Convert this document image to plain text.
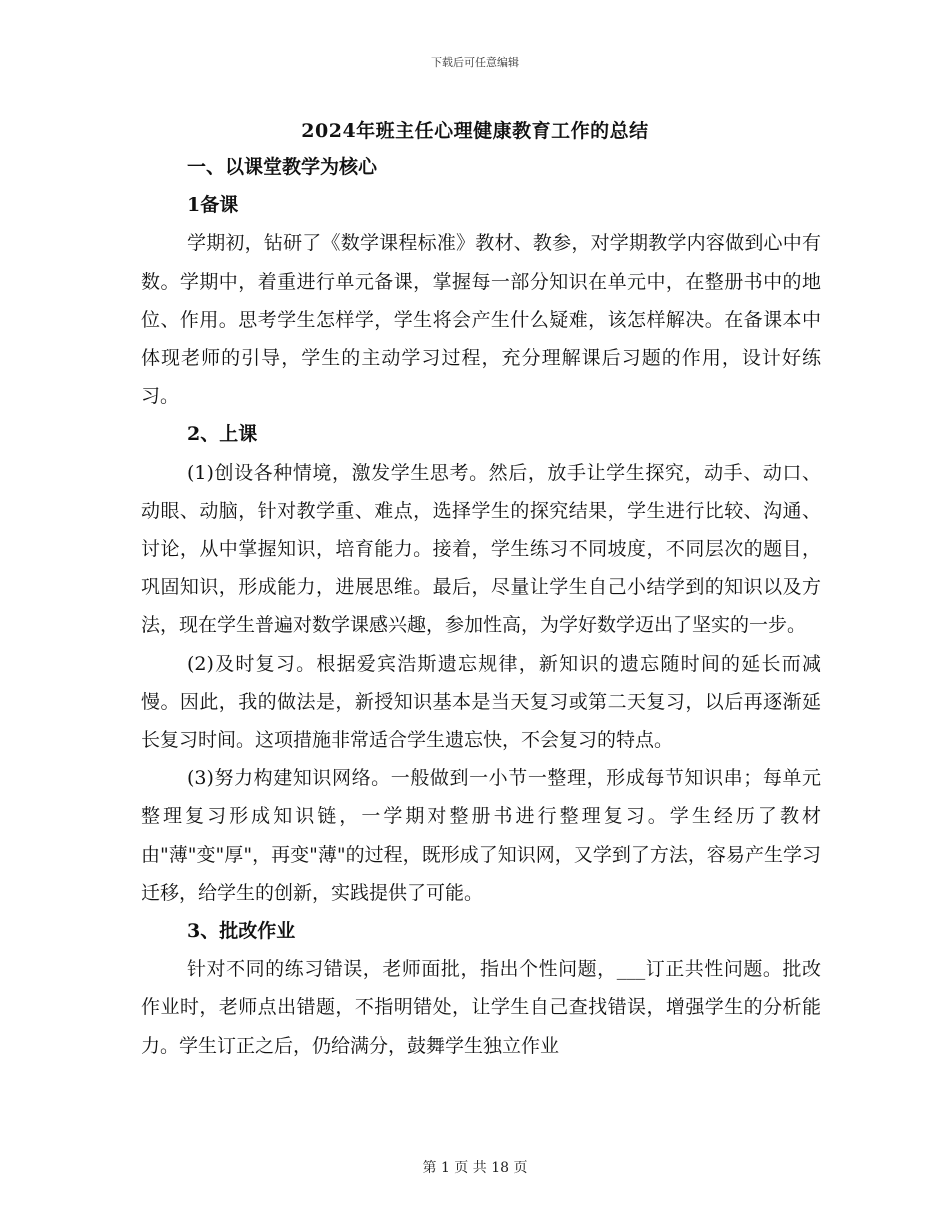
下载后可任意编辑
2024年班主任心理健康教育工作的总结

一、以课堂教学为核心

1备课

学期初，钻研了《数学课程标准》教材、教参，对学期教学内容做到心中有数。学期中，着重进行单元备课，掌握每一部分知识在单元中，在整册书中的地位、作用。思考学生怎样学，学生将会产生什么疑难，该怎样解决。在备课本中体现老师的引导，学生的主动学习过程，充分理解课后习题的作用，设计好练习。

2、上课

(1)创设各种情境，激发学生思考。然后，放手让学生探究，动手、动口、动眼、动脑，针对教学重、难点，选择学生的探究结果，学生进行比较、沟通、讨论，从中掌握知识，培育能力。接着，学生练习不同坡度，不同层次的题目，巩固知识，形成能力，进展思维。最后，尽量让学生自己小结学到的知识以及方法，现在学生普遍对数学课感兴趣，参加性高，为学好数学迈出了坚实的一步。

(2)及时复习。根据爱宾浩斯遗忘规律，新知识的遗忘随时间的延长而减慢。因此，我的做法是，新授知识基本是当天复习或第二天复习，以后再逐渐延长复习时间。这项措施非常适合学生遗忘快，不会复习的特点。

(3)努力构建知识网络。一般做到一小节一整理，形成每节知识串；每单元整理复习形成知识链，一学期对整册书进行整理复习。学生经历了教材由"薄"变"厚"，再变"薄"的过程，既形成了知识网，又学到了方法，容易产生学习迁移，给学生的创新，实践提供了可能。

3、批改作业

针对不同的练习错误，老师面批，指出个性问题，___订正共性问题。批改作业时，老师点出错题，不指明错处，让学生自己查找错误，增强学生的分析能力。学生订正之后，仍给满分，鼓舞学生独立作业

第 1 页 共 18 页
